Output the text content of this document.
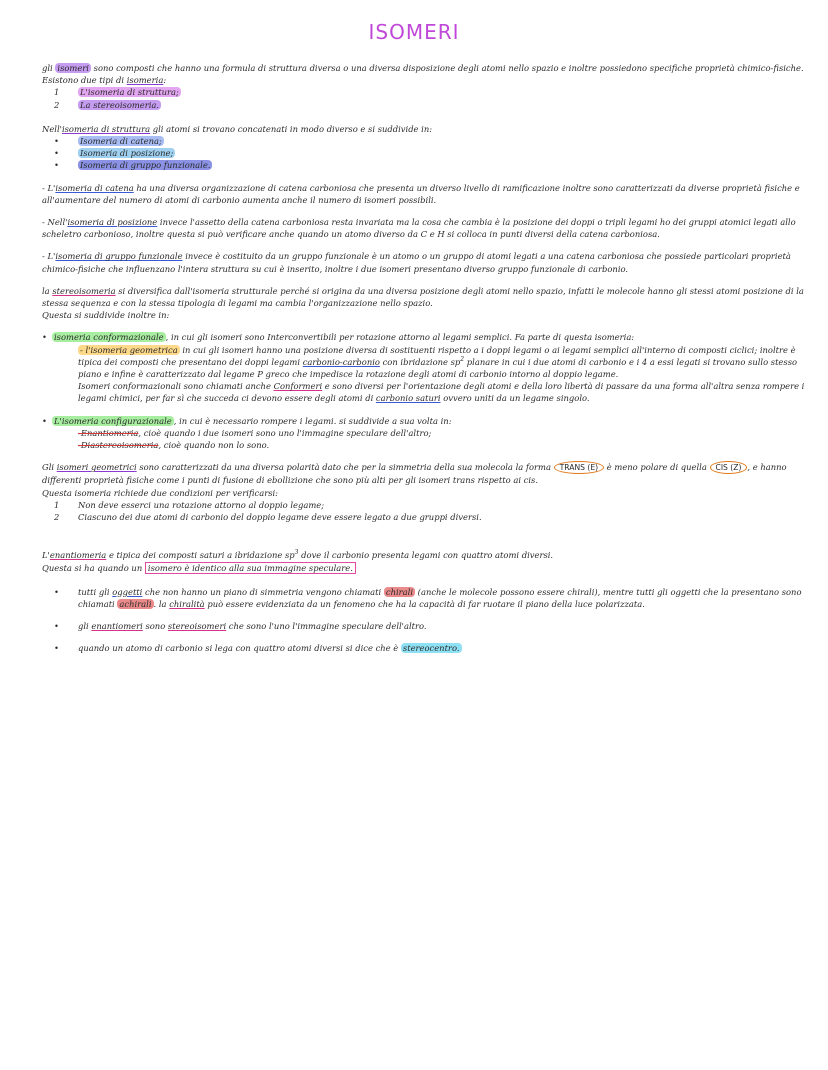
ISOMERI

gli isomeri sono composti che hanno una formula di struttura diversa o una diversa disposizione degli atomi nello spazio e inoltre possiedono specifiche proprietà chimico-fisiche.

Esistono due tipi di isomeria:

1 L'isomeria di struttura;
2 La stereoisomeria.

Nell'isomeria di struttura gli atomi si trovano concatenati in modo diverso e si suddivide in:

• Isomeria di catena;
• Isomeria di posizione;
• Isomeria di gruppo funzionale.

- L'isomeria di catena ha una diversa organizzazione di catena carboniosa che presenta un diverso livello di ramificazione inoltre sono caratterizzati da diverse proprietà fisiche e all'aumentare del numero di atomi di carbonio aumenta anche il numero di isomeri possibili.

- Nell'isomeria di posizione invece l'assetto della catena carboniosa resta invariata ma la cosa che cambia è la posizione dei doppi o tripli legami ho dei gruppi atomici legati allo scheletro carbonioso, inoltre questa si può verificare anche quando un atomo diverso da C e H si colloca in punti diversi della catena carboniosa.

- L'isomeria di gruppo funzionale invece è costituito da un gruppo funzionale è un atomo o un gruppo di atomi legati a una catena carboniosa che possiede particolari proprietà chimico-fisiche che influenzano l'intera struttura su cui è inserito, inoltre i due isomeri presentano diverso gruppo funzionale di carbonio.

la stereoisomeria si diversifica dall'isomeria strutturale perché si origina da una diversa posizione degli atomi nello spazio, infatti le molecole hanno gli stessi atomi posizione di la stessa sequenza e con la stessa tipologia di legami ma cambia l'organizzazione nello spazio.

Questa si suddivide inoltre in:

• isomeria conformazionale , in cui gli isomeri sono Interconvertibili per rotazione attorno al legami semplici. Fa parte di questa isomeria:

- l'isomeria geometrica in cui gli isomeri hanno una posizione diversa di sostituenti rispetto a i doppi legami o ai legami semplici all'interno di composti ciclici; inoltre è tipica dei composti che presentano dei doppi legami carbonio-carbonio con ibridazione $sp^2$ planare in cui i due atomi di carbonio e i 4 a essi legati si trovano sullo stesso piano e infine è caratterizzato dal legame P greco che impedisce la rotazione degli atomi di carbonio intorno al doppio legame.

Isomeri conformazionali sono chiamati anche Conformeri e sono diversi per l'orientazione degli atomi e della loro libertà di passare da una forma all'altra senza rompere i legami chimici, per far sì che succeda ci devono essere degli atomi di carbonio saturi ovvero uniti da un legame singolo.

• L'isomeria configurazionale , in cui è necessario rompere i legami. si suddivide a sua volta in:

-Enantiomeria, cioè quando i due isomeri sono uno l'immagine speculare dell'altro;

-Diastereoisomeria, cioè quando non lo sono.

Gli isomeri geometrici sono caratterizzati da una diversa polarità dato che per la simmetria della sua molecola la forma TRANS (E) è meno polare di quella CIS (Z) , e hanno differenti proprietà fisiche come i punti di fusione di ebollizione che sono più alti per gli isomeri trans rispetto ai cis.

Questa isomeria richiede due condizioni per verificarsi:

1 Non deve esserci una rotazione attorno al doppio legame;
2 Ciascuno dei due atomi di carbonio del doppio legame deve essere legato a due gruppi diversi.

L'enantiomeria e tipica dei composti saturi a ibridazione $sp^3$ dove il carbonio presenta legami con quattro atomi diversi.

Questa si ha quando un isomero è identico alla sua immagine speculare.

• tutti gli oggetti che non hanno un piano di simmetria vengono chiamati chirali (anche le molecole possono essere chirali), mentre tutti gli oggetti che la presentano sono chiamati achirali . la chiralità può essere evidenziata da un fenomeno che ha la capacità di far ruotare il piano della luce polarizzata.
• gli enantiomeri sono stereoisomeri che sono l'uno l'immagine speculare dell'altro.
• quando un atomo di carbonio si lega con quattro atomi diversi si dice che è stereocentro.
